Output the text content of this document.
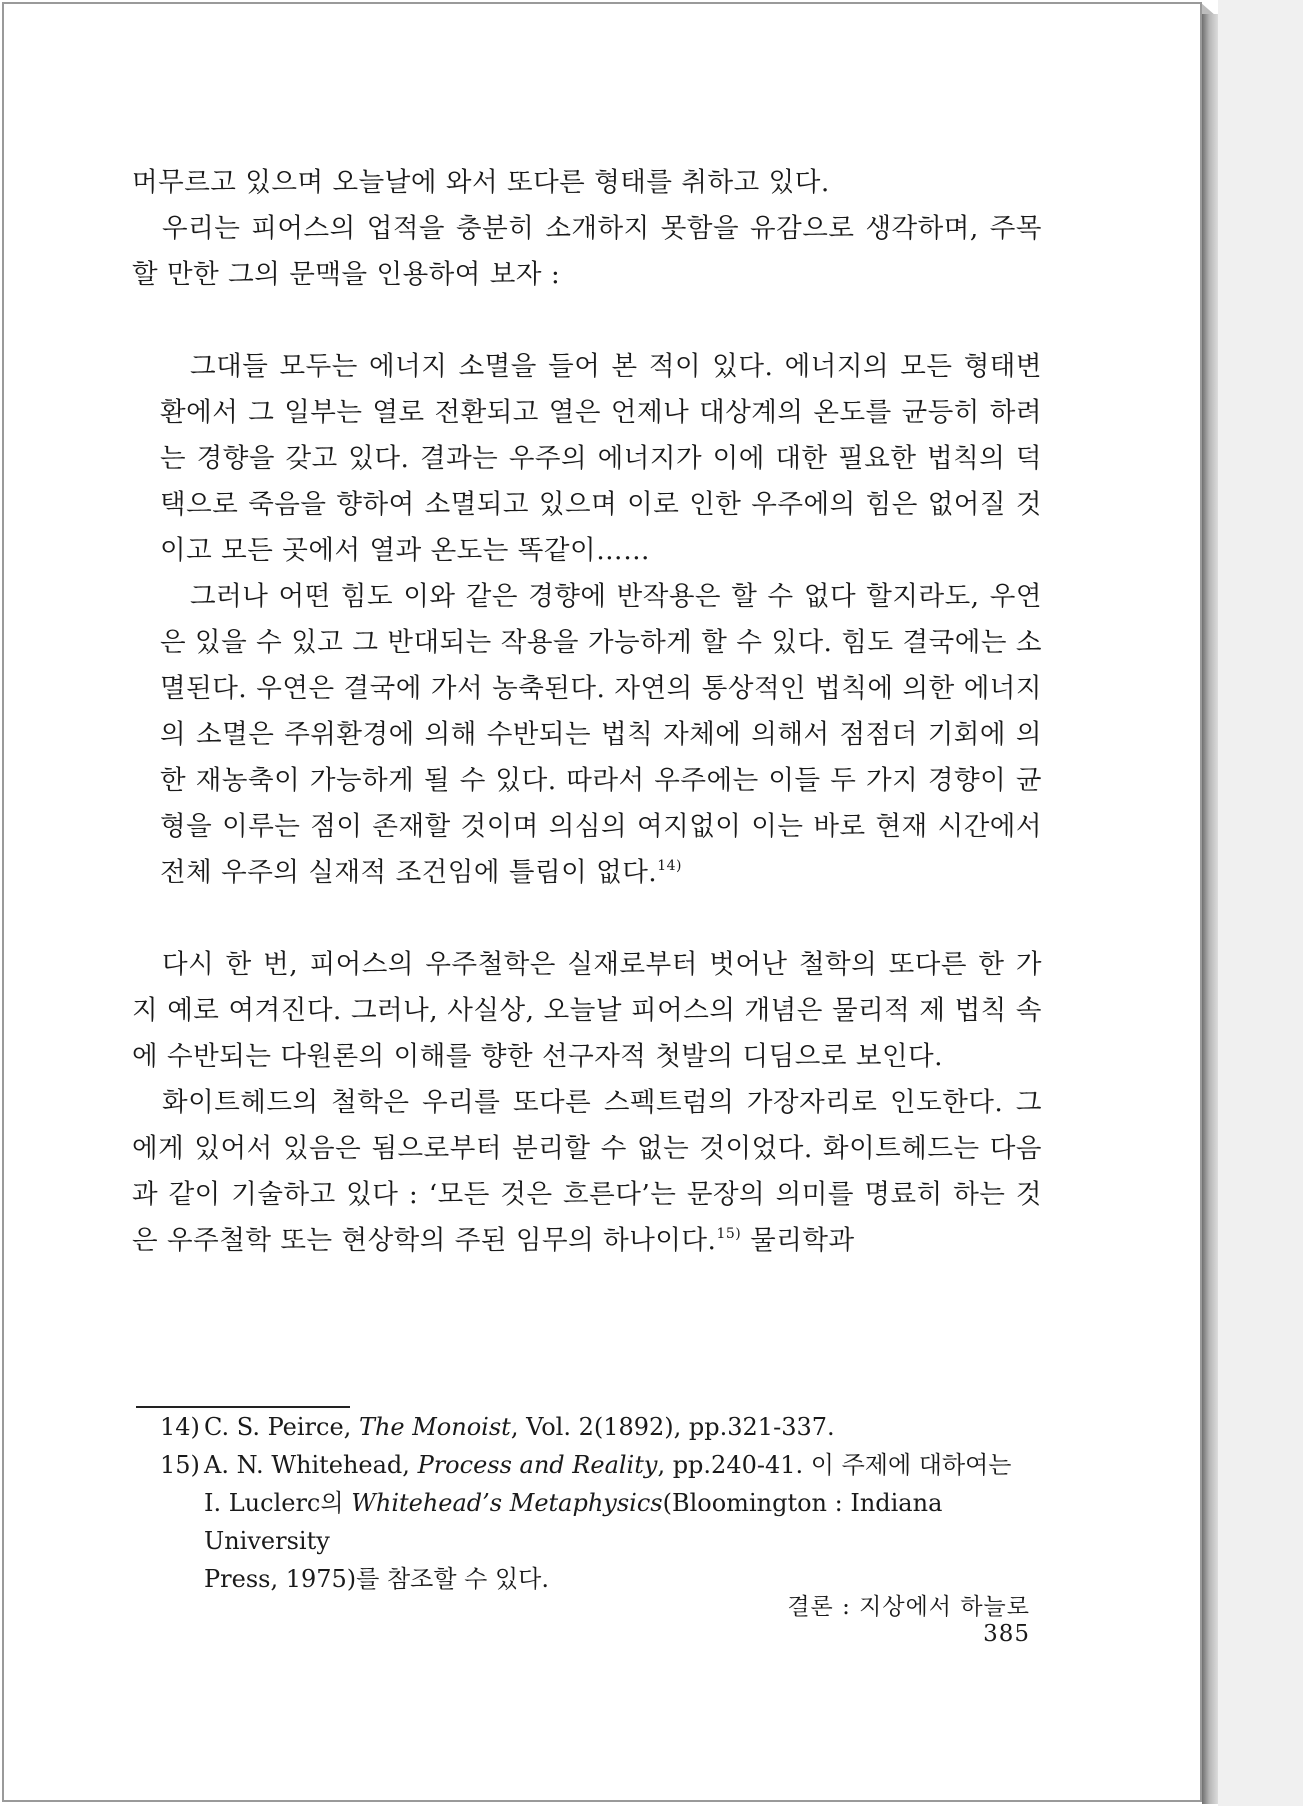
머무르고 있으며 오늘날에 와서 또다른 형태를 취하고 있다.

우리는 피어스의 업적을 충분히 소개하지 못함을 유감으로 생각하며, 주목할 만한 그의 문맥을 인용하여 보자 :

그대들 모두는 에너지 소멸을 들어 본 적이 있다. 에너지의 모든 형태변환에서 그 일부는 열로 전환되고 열은 언제나 대상계의 온도를 균등히 하려는 경향을 갖고 있다. 결과는 우주의 에너지가 이에 대한 필요한 법칙의 덕택으로 죽음을 향하여 소멸되고 있으며 이로 인한 우주에의 힘은 없어질 것이고 모든 곳에서 열과 온도는 똑같이……

그러나 어떤 힘도 이와 같은 경향에 반작용은 할 수 없다 할지라도, 우연은 있을 수 있고 그 반대되는 작용을 가능하게 할 수 있다. 힘도 결국에는 소멸된다. 우연은 결국에 가서 농축된다. 자연의 통상적인 법칙에 의한 에너지의 소멸은 주위환경에 의해 수반되는 법칙 자체에 의해서 점점더 기회에 의한 재농축이 가능하게 될 수 있다. 따라서 우주에는 이들 두 가지 경향이 균형을 이루는 점이 존재할 것이며 의심의 여지없이 이는 바로 현재 시간에서 전체 우주의 실재적 조건임에 틀림이 없다.$^{14)}$

다시 한 번, 피어스의 우주철학은 실재로부터 벗어난 철학의 또다른 한 가지 예로 여겨진다. 그러나, 사실상, 오늘날 피어스의 개념은 물리적 제 법칙 속에 수반되는 다원론의 이해를 향한 선구자적 첫발의 디딤으로 보인다.

화이트헤드의 철학은 우리를 또다른 스펙트럼의 가장자리로 인도한다. 그에게 있어서 있음은 됨으로부터 분리할 수 없는 것이었다. 화이트헤드는 다음과 같이 기술하고 있다 : ‘모든 것은 흐른다’는 문장의 의미를 명료히 하는 것은 우주철학 또는 현상학의 주된 임무의 하나이다.$^{15)}$ 물리학과

14) C. S. Peirce, The Monoist, Vol. 2(1892), pp.321-337.

15) A. N. Whitehead, Process and Reality, pp.240-41. 이 주제에 대하여는
I. Luclerc의 Whitehead’s Metaphysics(Bloomington : Indiana University
Press, 1975)를 참조할 수 있다.

결론 : 지상에서 하늘로 385
